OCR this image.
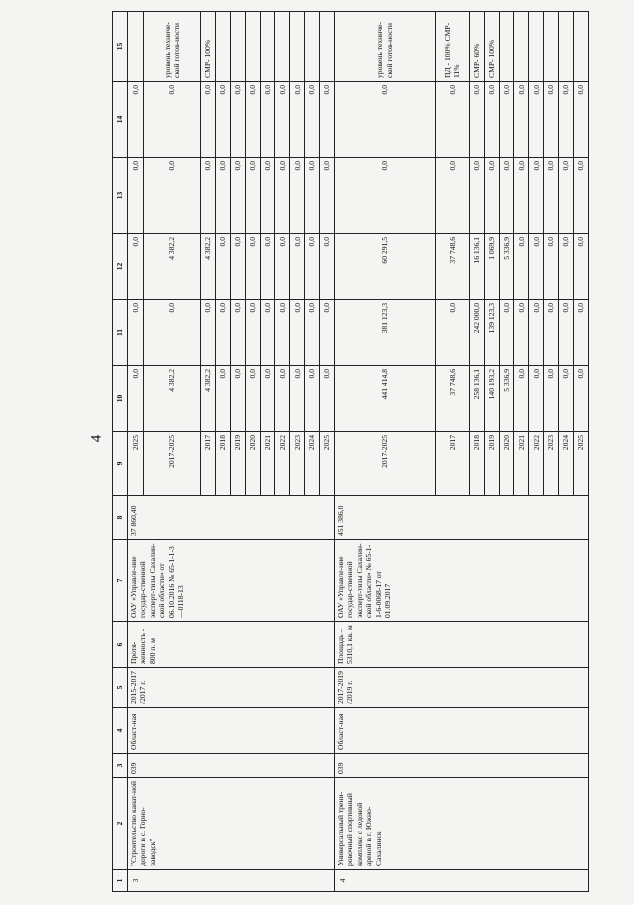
4
1	2	3	4	5	6	7	8	9	10	11	12	13	14	15
3	"Строительство канат-ной дороги в с. Горно-заводск"	039	Област-ная	2015-2017 /2017 г.	Протя-женность - 800 п. м	ОАУ «Управле-ние государ-ственной эксперт-тизы Сахалин-ской области» от 06.10.2016 № 65-1-1-3—0118-13	37 860,40	2025	0,0	0,0	0,0	0,0	0,0	
								2017-2025	4 382,2	0,0	4 382,2	0,0	0,0	уровень техниче-ской готов-ности
								2017	4 382,2	0,0	4 382,2	0,0	0,0	СМР- 100%
								2018	0,0	0,0	0,0	0,0	0,0	
								2019	0,0	0,0	0,0	0,0	0,0	
								2020	0,0	0,0	0,0	0,0	0,0	
								2021	0,0	0,0	0,0	0,0	0,0	
								2022	0,0	0,0	0,0	0,0	0,0	
								2023	0,0	0,0	0,0	0,0	0,0	
								2024	0,0	0,0	0,0	0,0	0,0	
								2025	0,0	0,0	0,0	0,0	0,0	
4	Универсальный трени-ровочный спортивный комплекс с ледовой ареной в г. Южно-Сахалинск	039	Област-ная	2017-2019 /2019 г.	Площадь – 5310,1 кв. м	ОАУ «Управле-ние государ-ственной эксперт-тизы Сахалин-ской области» № 65-1-1-6-0068-17 от 01.09.2017	451 386,0	2017-2025	441 414,8	381 123,3	60 291,5	0,0	0,0	уровень техниче-ской готов-ности
								2017	37 748,6	0,0	37 748,6	0,0	0,0	ПД - 100% СМР- 11%
								2018	258 136,1	242 000,0	16 136,1	0,0	0,0	СМР- 60%
								2019	140 193,2	139 123,3	1 069,9	0,0	0,0	СМР- 100%
								2020	5 336,9	0,0	5 336,9	0,0	0,0	
								2021	0,0	0,0	0,0	0,0	0,0	
								2022	0,0	0,0	0,0	0,0	0,0	
								2023	0,0	0,0	0,0	0,0	0,0	
								2024	0,0	0,0	0,0	0,0	0,0	
								2025	0,0	0,0	0,0	0,0	0,0	
